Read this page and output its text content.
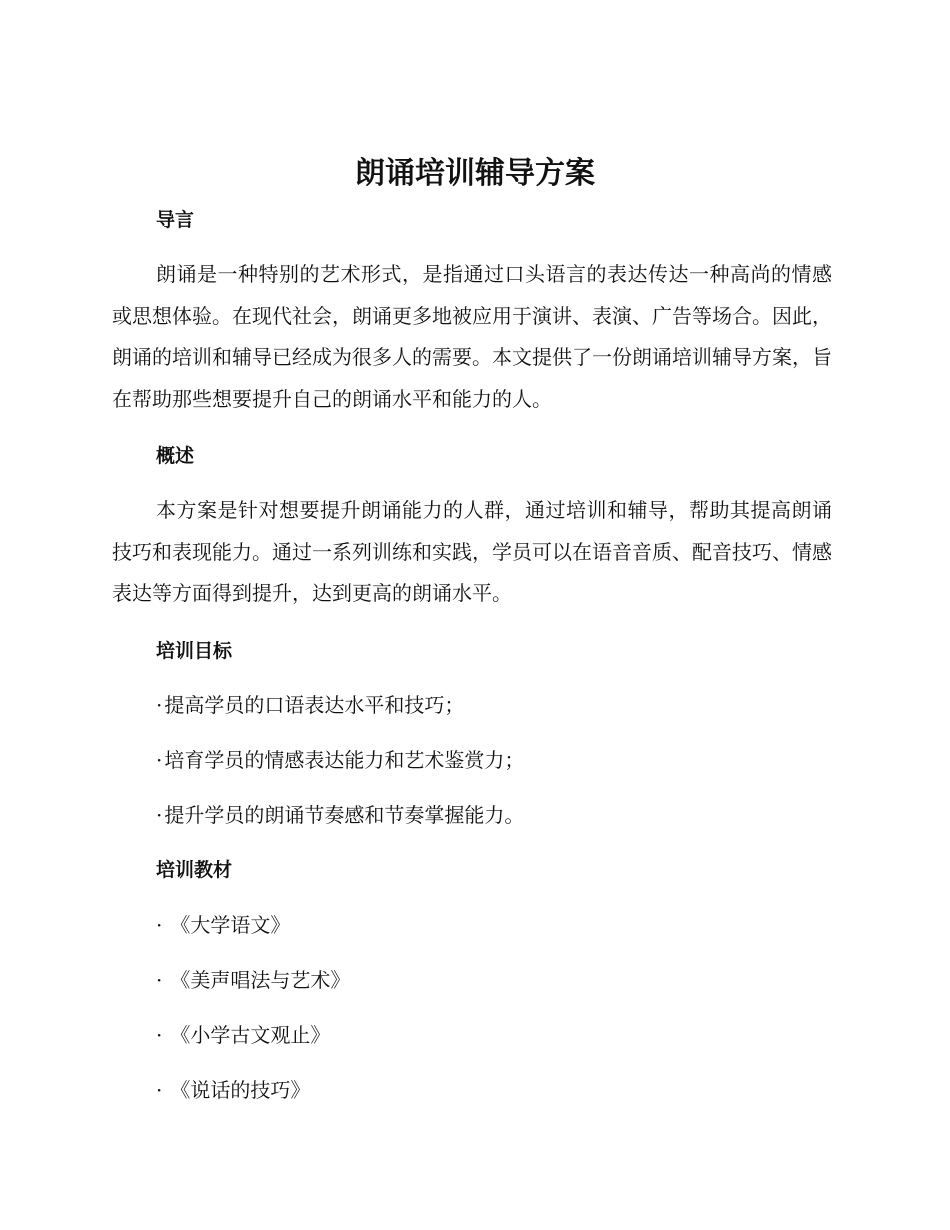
朗诵培训辅导方案
导言

朗诵是一种特别的艺术形式，是指通过口头语言的表达传达一种高尚的情感或思想体验。在现代社会，朗诵更多地被应用于演讲、表演、广告等场合。因此，朗诵的培训和辅导已经成为很多人的需要。本文提供了一份朗诵培训辅导方案，旨在帮助那些想要提升自己的朗诵水平和能力的人。

概述

本方案是针对想要提升朗诵能力的人群，通过培训和辅导，帮助其提高朗诵技巧和表现能力。通过一系列训练和实践，学员可以在语音音质、配音技巧、情感表达等方面得到提升，达到更高的朗诵水平。

培训目标
· 提高学员的口语表达水平和技巧；
· 培育学员的情感表达能力和艺术鉴赏力；
· 提升学员的朗诵节奏感和节奏掌握能力。
培训教材
· 《大学语文》
· 《美声唱法与艺术》
· 《小学古文观止》
· 《说话的技巧》
